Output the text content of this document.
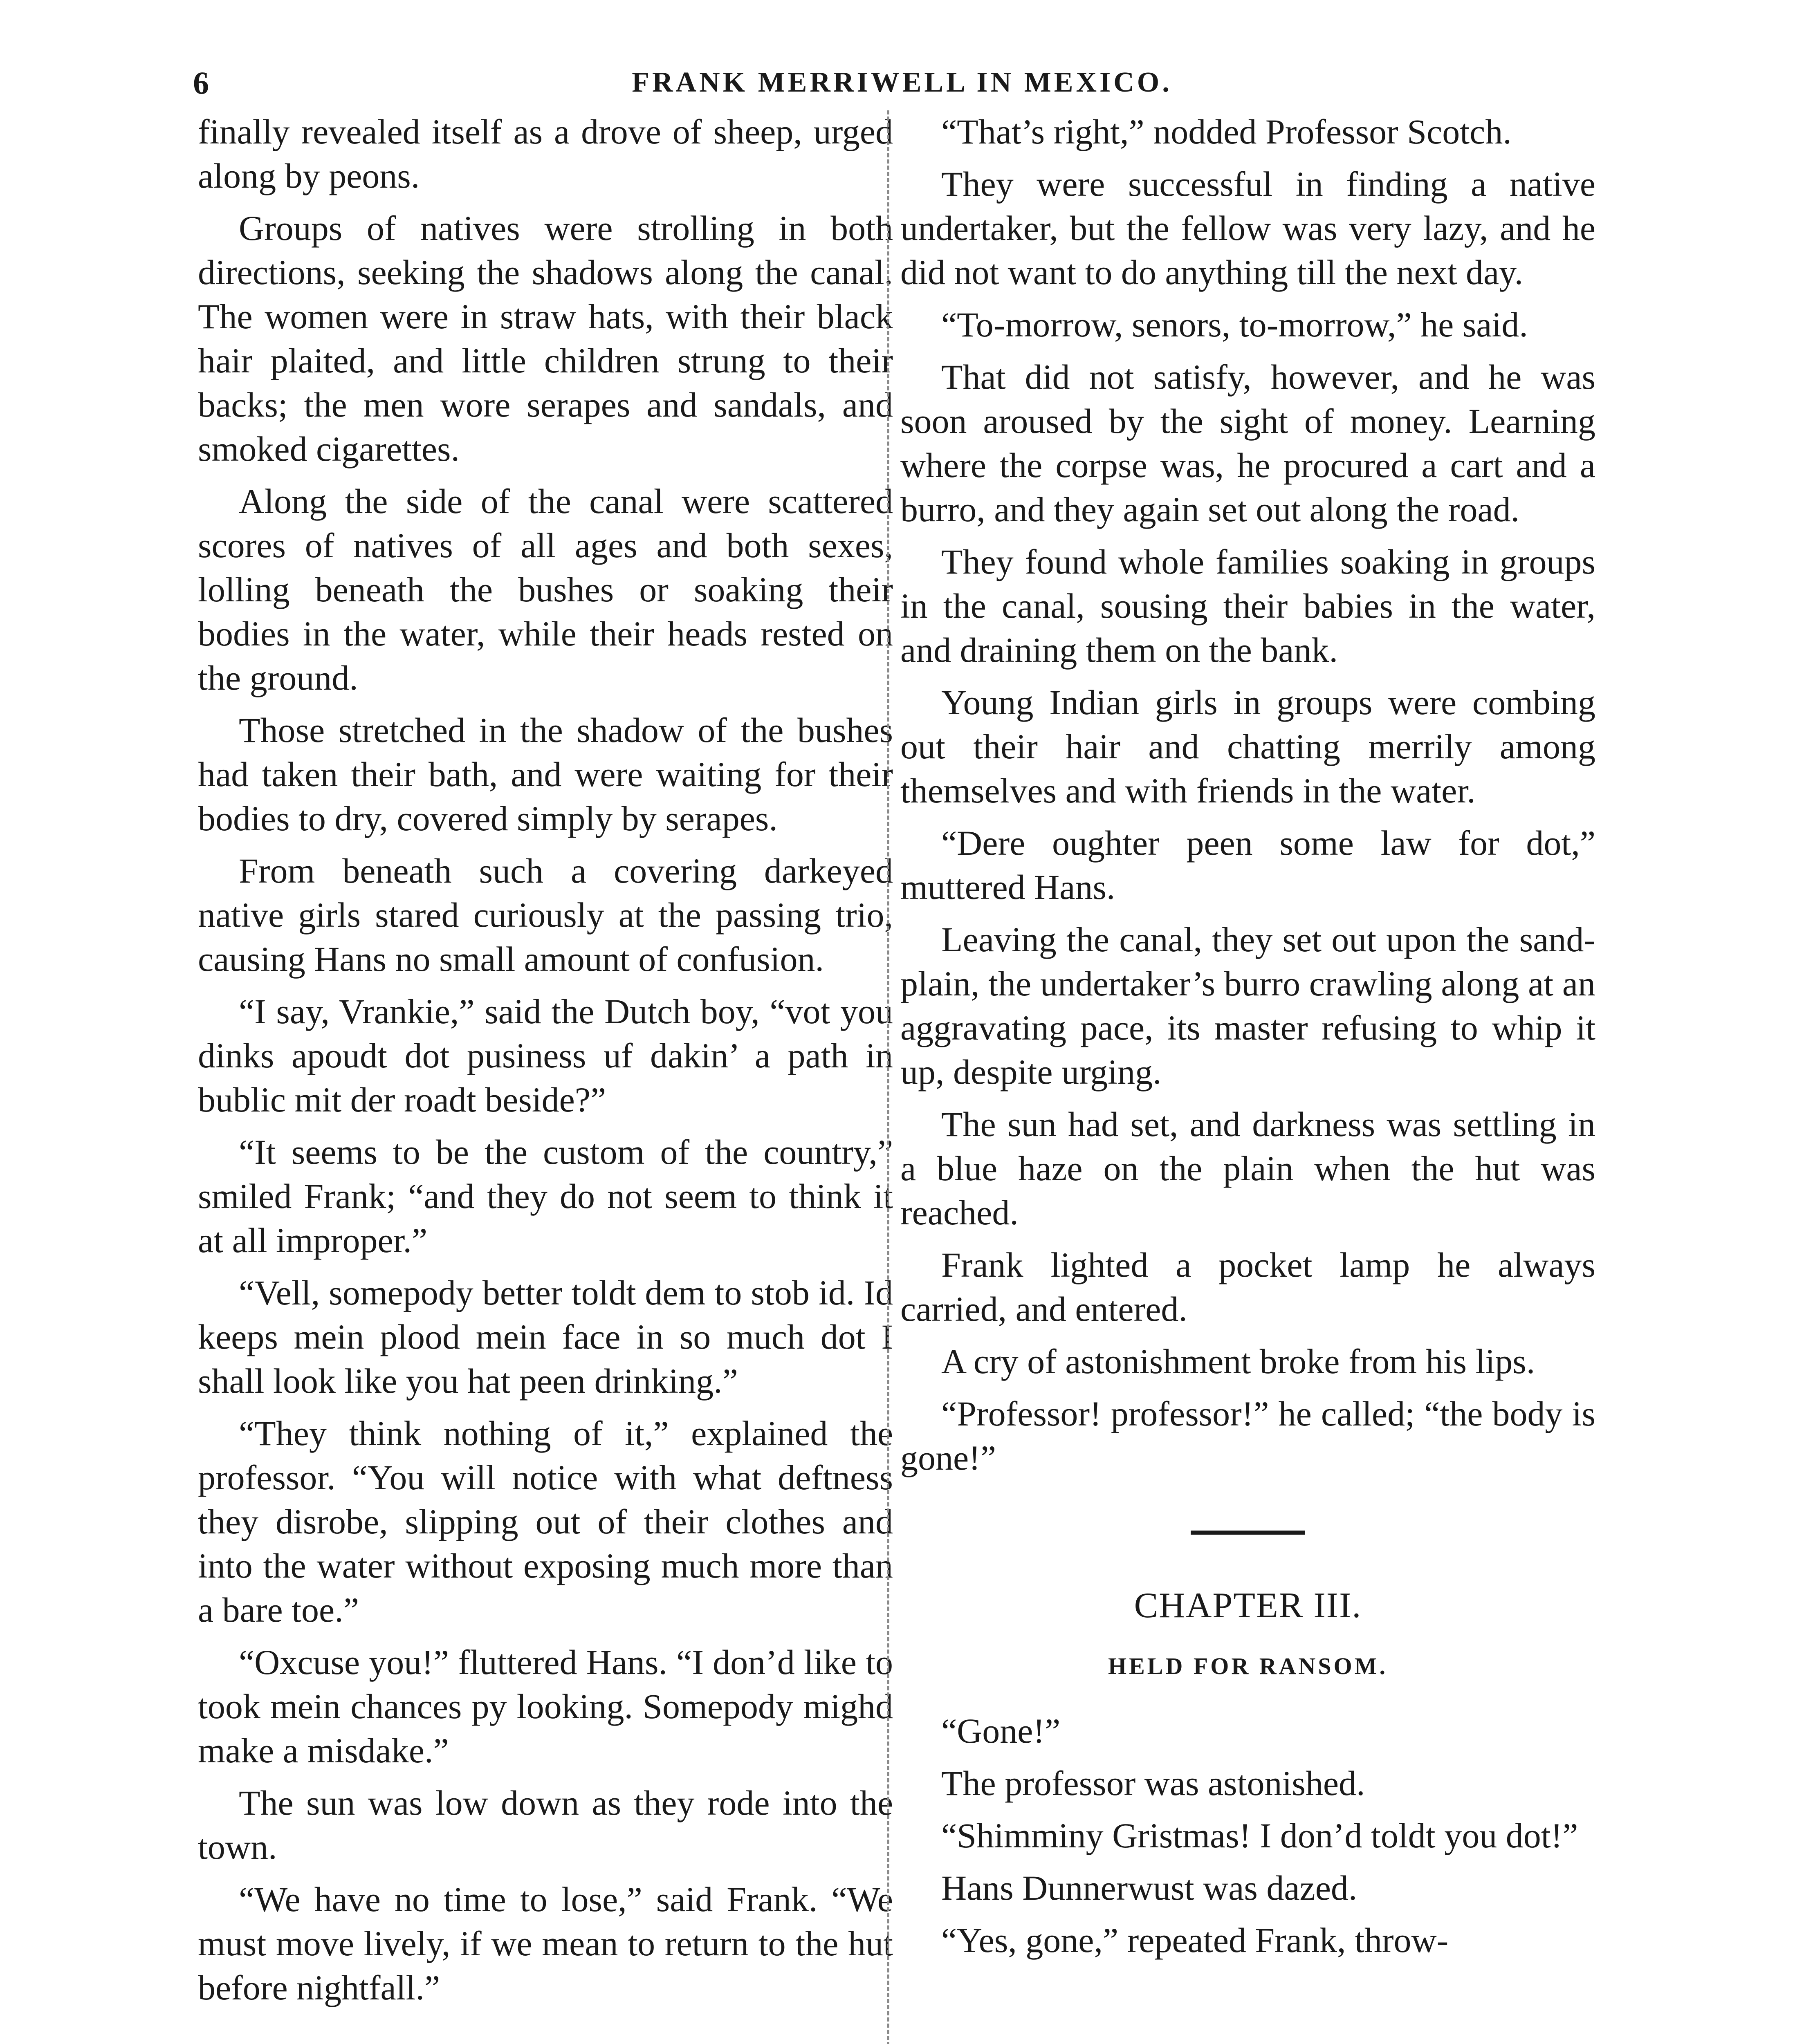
6	FRANK MERRIWELL IN MEXICO.

finally revealed itself as a drove of sheep, urged along by peons.

Groups of natives were strolling in both directions, seeking the shadows along the canal. The women were in straw hats, with their black hair plaited, and little children strung to their backs; the men wore serapes and sandals, and smoked cigarettes.

Along the side of the canal were scattered scores of natives of all ages and both sexes, lolling beneath the bushes or soaking their bodies in the water, while their heads rested on the ground.

Those stretched in the shadow of the bushes had taken their bath, and were waiting for their bodies to dry, covered simply by serapes.

From beneath such a covering darkeyed native girls stared curiously at the passing trio, causing Hans no small amount of confusion.

“I say, Vrankie,” said the Dutch boy, “vot you dinks apoudt dot pusiness uf dakin’ a path in bublic mit der roadt beside?”

“It seems to be the custom of the country,” smiled Frank; “and they do not seem to think it at all improper.”

“Vell, somepody better toldt dem to stob id. Id keeps mein plood mein face in so much dot I shall look like you hat peen drinking.”

“They think nothing of it,” explained the professor. “You will notice with what deftness they disrobe, slipping out of their clothes and into the water without exposing much more than a bare toe.”

“Oxcuse you!” fluttered Hans. “I don’d like to took mein chances py looking. Somepody mighd make a misdake.”

The sun was low down as they rode into the town.

“We have no time to lose,” said Frank. “We must move lively, if we mean to return to the hut before nightfall.”

“That’s right,” nodded Professor Scotch.

They were successful in finding a native undertaker, but the fellow was very lazy, and he did not want to do anything till the next day.

“To-morrow, senors, to-morrow,” he said.

That did not satisfy, however, and he was soon aroused by the sight of money. Learning where the corpse was, he procured a cart and a burro, and they again set out along the road.

They found whole families soaking in groups in the canal, sousing their babies in the water, and draining them on the bank.

Young Indian girls in groups were combing out their hair and chatting merrily among themselves and with friends in the water.

“Dere oughter peen some law for dot,” muttered Hans.

Leaving the canal, they set out upon the sand-plain, the undertaker’s burro crawling along at an aggravating pace, its master refusing to whip it up, despite urging.

The sun had set, and darkness was settling in a blue haze on the plain when the hut was reached.

Frank lighted a pocket lamp he always carried, and entered.

A cry of astonishment broke from his lips.

“Professor! professor!” he called; “the body is gone!”

CHAPTER III.
HELD FOR RANSOM.

“Gone!”

The professor was astonished.

“Shimminy Gristmas! I don’d toldt you dot!”

Hans Dunnerwust was dazed.

“Yes, gone,” repeated Frank, throw-
